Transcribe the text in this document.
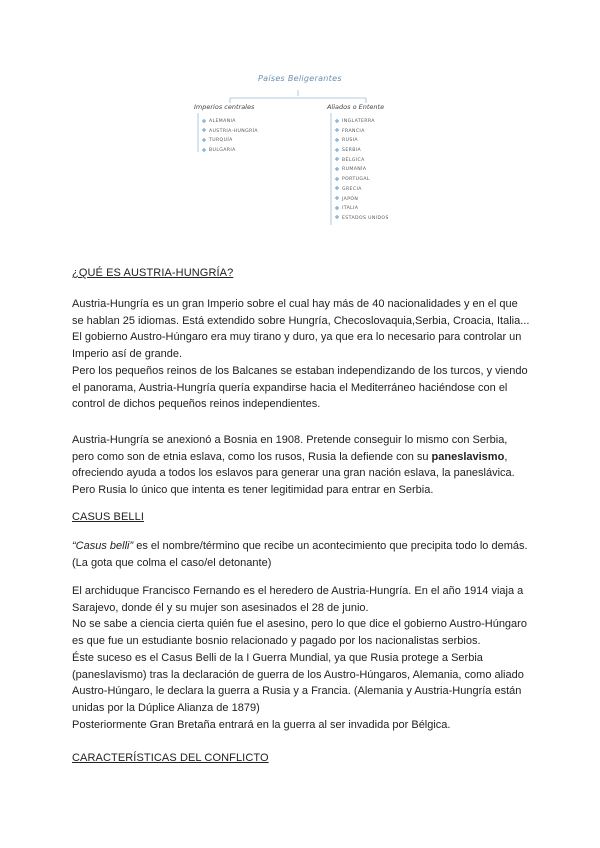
Países Beligerantes
Imperios centrales	Aliados o Entente
ALEMANIA
AUSTRIA-HUNGRÍA
TURQUÍA
BULGARIA
INGLATERRA
FRANCIA
RUSIA
SERBIA
BÉLGICA
RUMANÍA
PORTUGAL
GRECIA
JAPÓN
ITALIA
ESTADOS UNIDOS
¿QUÉ ES AUSTRIA-HUNGRÍA?

Austria-Hungría es un gran Imperio sobre el cual hay más de 40 nacionalidades y en el que se hablan 25 idiomas. Está extendido sobre Hungría, Checoslovaquia,Serbia, Croacia, Italia...

El gobierno Austro-Húngaro era muy tirano y duro, ya que era lo necesario para controlar un Imperio así de grande.

Pero los pequeños reinos de los Balcanes se estaban independizando de los turcos, y viendo el panorama, Austria-Hungría quería expandirse hacia el Mediterráneo haciéndose con el control de dichos pequeños reinos independientes.

Austria-Hungría se anexionó a Bosnia en 1908. Pretende conseguir lo mismo con Serbia, pero como son de etnia eslava, como los rusos, Rusia la defiende con su paneslavismo, ofreciendo ayuda a todos los eslavos para generar una gran nación eslava, la paneslávica. Pero Rusia lo único que intenta es tener legitimidad para entrar en Serbia.

CASUS BELLI

“Casus belli” es el nombre/término que recibe un acontecimiento que precipita todo lo demás. (La gota que colma el caso/el detonante)

El archiduque Francisco Fernando es el heredero de Austria-Hungría. En el año 1914 viaja a Sarajevo, donde él y su mujer son asesinados el 28 de junio.

No se sabe a ciencia cierta quién fue el asesino, pero lo que dice el gobierno Austro-Húngaro es que fue un estudiante bosnio relacionado y pagado por los nacionalistas serbios.

Éste suceso es el Casus Belli de la I Guerra Mundial, ya que Rusia protege a Serbia (paneslavismo) tras la declaración de guerra de los Austro-Húngaros, Alemania, como aliado Austro-Húngaro, le declara la guerra a Rusia y a Francia. (Alemania y Austria-Hungría están unidas por la Dúplice Alianza de 1879)

Posteriormente Gran Bretaña entrará en la guerra al ser invadida por Bélgica.

CARACTERÍSTICAS DEL CONFLICTO
